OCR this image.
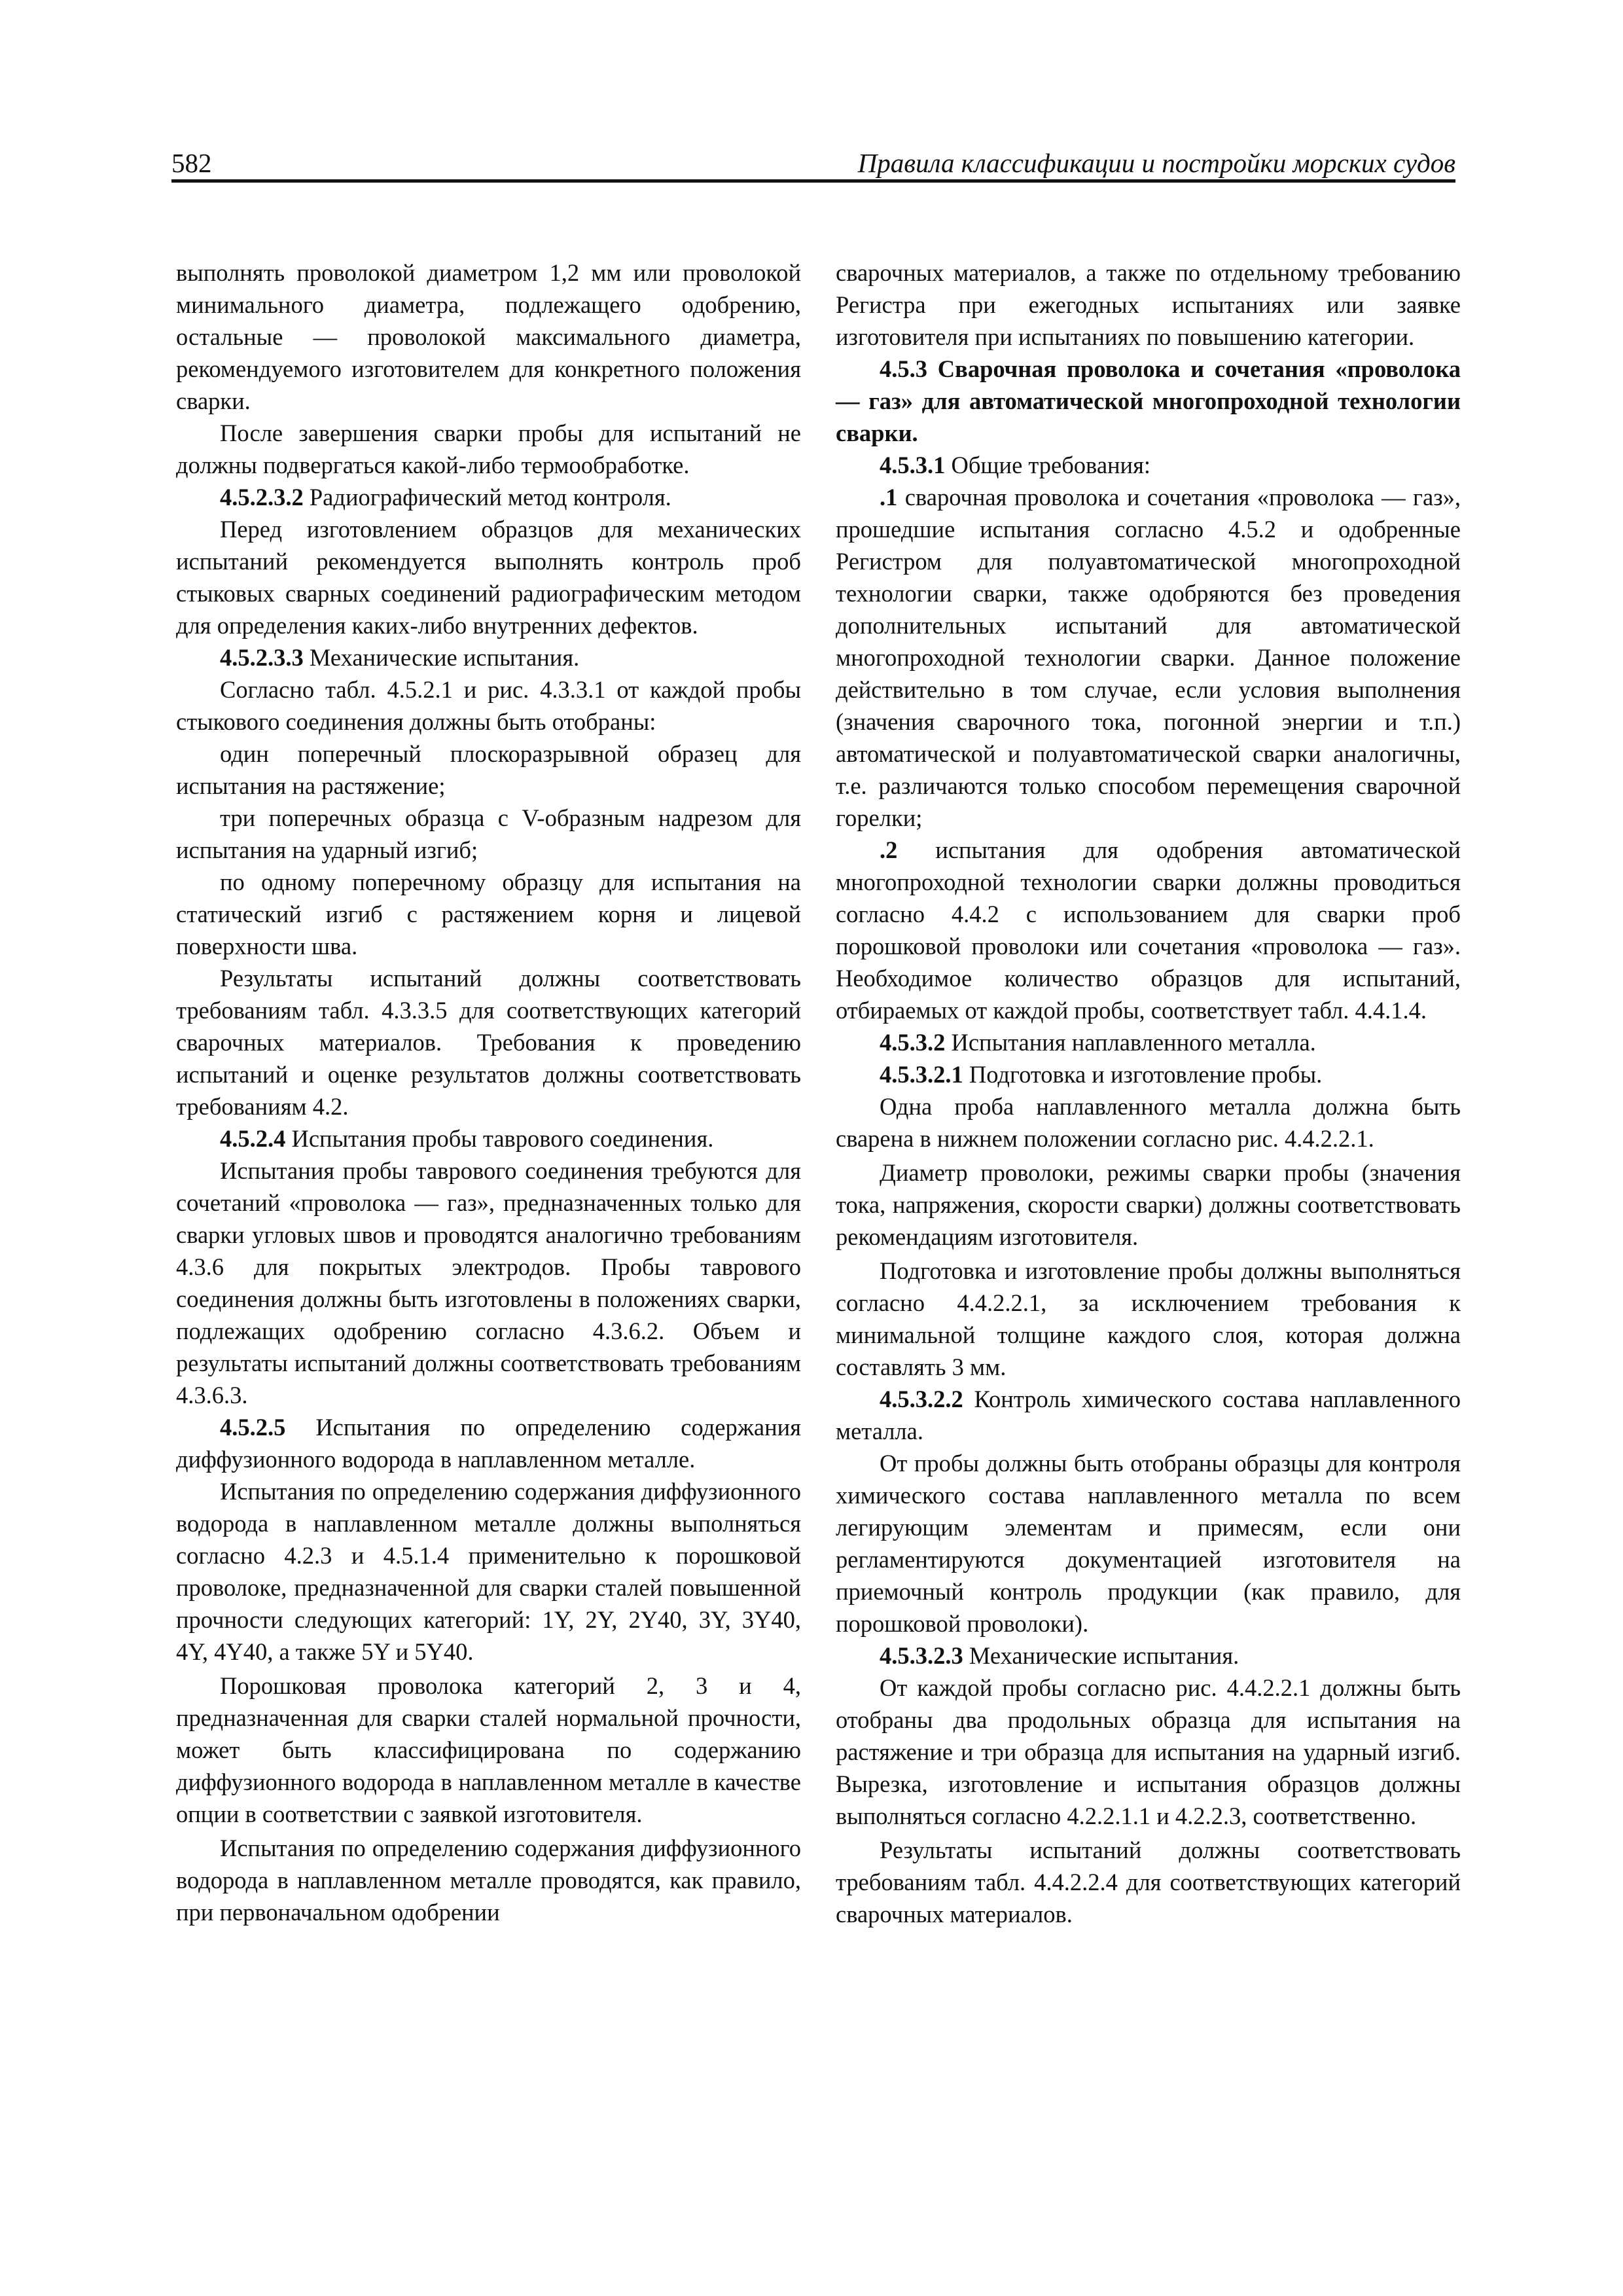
582	Правила классификации и постройки морских судов

выполнять проволокой диаметром 1,2 мм или проволокой минимального диаметра, подлежащего одобрению, остальные — проволокой максимального диаметра, рекомендуемого изготовителем для конкретного положения сварки.

После завершения сварки пробы для испытаний не должны подвергаться какой-либо термообработке.

4.5.2.3.2 Радиографический метод контроля.

Перед изготовлением образцов для механических испытаний рекомендуется выполнять контроль проб стыковых сварных соединений радиографическим методом для определения каких-либо внутренних дефектов.

4.5.2.3.3 Механические испытания.

Согласно табл. 4.5.2.1 и рис. 4.3.3.1 от каждой пробы стыкового соединения должны быть отобраны:

один поперечный плоскоразрывной образец для испытания на растяжение;

три поперечных образца с V-образным надрезом для испытания на ударный изгиб;

по одному поперечному образцу для испытания на статический изгиб с растяжением корня и лицевой поверхности шва.

Результаты испытаний должны соответствовать требованиям табл. 4.3.3.5 для соответствующих категорий сварочных материалов. Требования к проведению испытаний и оценке результатов должны соответствовать требованиям 4.2.

4.5.2.4 Испытания пробы таврового соединения.

Испытания пробы таврового соединения требуются для сочетаний «проволока — газ», предназначенных только для сварки угловых швов и проводятся аналогично требованиям 4.3.6 для покрытых электродов. Пробы таврового соединения должны быть изготовлены в положениях сварки, подлежащих одобрению согласно 4.3.6.2. Объем и результаты испытаний должны соответствовать требованиям 4.3.6.3.

4.5.2.5 Испытания по определению содержания диффузионного водорода в наплавленном металле.

Испытания по определению содержания диффузионного водорода в наплавленном металле должны выполняться согласно 4.2.3 и 4.5.1.4 применительно к порошковой проволоке, предназначенной для сварки сталей повышенной прочности следующих категорий: 1Y, 2Y, 2Y40, 3Y, 3Y40, 4Y, 4Y40, а также 5Y и 5Y40.

Порошковая проволока категорий 2, 3 и 4, предназначенная для сварки сталей нормальной прочности, может быть классифицирована по содержанию диффузионного водорода в наплавленном металле в качестве опции в соответствии с заявкой изготовителя.

Испытания по определению содержания диффузионного водорода в наплавленном металле проводятся, как правило, при первоначальном одобрении

сварочных материалов, а также по отдельному требованию Регистра при ежегодных испытаниях или заявке изготовителя при испытаниях по повышению категории.

4.5.3 Сварочная проволока и сочетания «проволока — газ» для автоматической многопроходной технологии сварки.

4.5.3.1 Общие требования:

.1 сварочная проволока и сочетания «проволока — газ», прошедшие испытания согласно 4.5.2 и одобренные Регистром для полуавтоматической многопроходной технологии сварки, также одобряются без проведения дополнительных испытаний для автоматической многопроходной технологии сварки. Данное положение действительно в том случае, если условия выполнения (значения сварочного тока, погонной энергии и т.п.) автоматической и полуавтоматической сварки аналогичны, т.е. различаются только способом перемещения сварочной горелки;

.2 испытания для одобрения автоматической многопроходной технологии сварки должны проводиться согласно 4.4.2 с использованием для сварки проб порошковой проволоки или сочетания «проволока — газ». Необходимое количество образцов для испытаний, отбираемых от каждой пробы, соответствует табл. 4.4.1.4.

4.5.3.2 Испытания наплавленного металла.

4.5.3.2.1 Подготовка и изготовление пробы.

Одна проба наплавленного металла должна быть сварена в нижнем положении согласно рис. 4.4.2.2.1.

Диаметр проволоки, режимы сварки пробы (значения тока, напряжения, скорости сварки) должны соответствовать рекомендациям изготовителя.

Подготовка и изготовление пробы должны выполняться согласно 4.4.2.2.1, за исключением требования к минимальной толщине каждого слоя, которая должна составлять 3 мм.

4.5.3.2.2 Контроль химического состава наплавленного металла.

От пробы должны быть отобраны образцы для контроля химического состава наплавленного металла по всем легирующим элементам и примесям, если они регламентируются документацией изготовителя на приемочный контроль продукции (как правило, для порошковой проволоки).

4.5.3.2.3 Механические испытания.

От каждой пробы согласно рис. 4.4.2.2.1 должны быть отобраны два продольных образца для испытания на растяжение и три образца для испытания на ударный изгиб. Вырезка, изготовление и испытания образцов должны выполняться согласно 4.2.2.1.1 и 4.2.2.3, соответственно.

Результаты испытаний должны соответствовать требованиям табл. 4.4.2.2.4 для соответствующих категорий сварочных материалов.
